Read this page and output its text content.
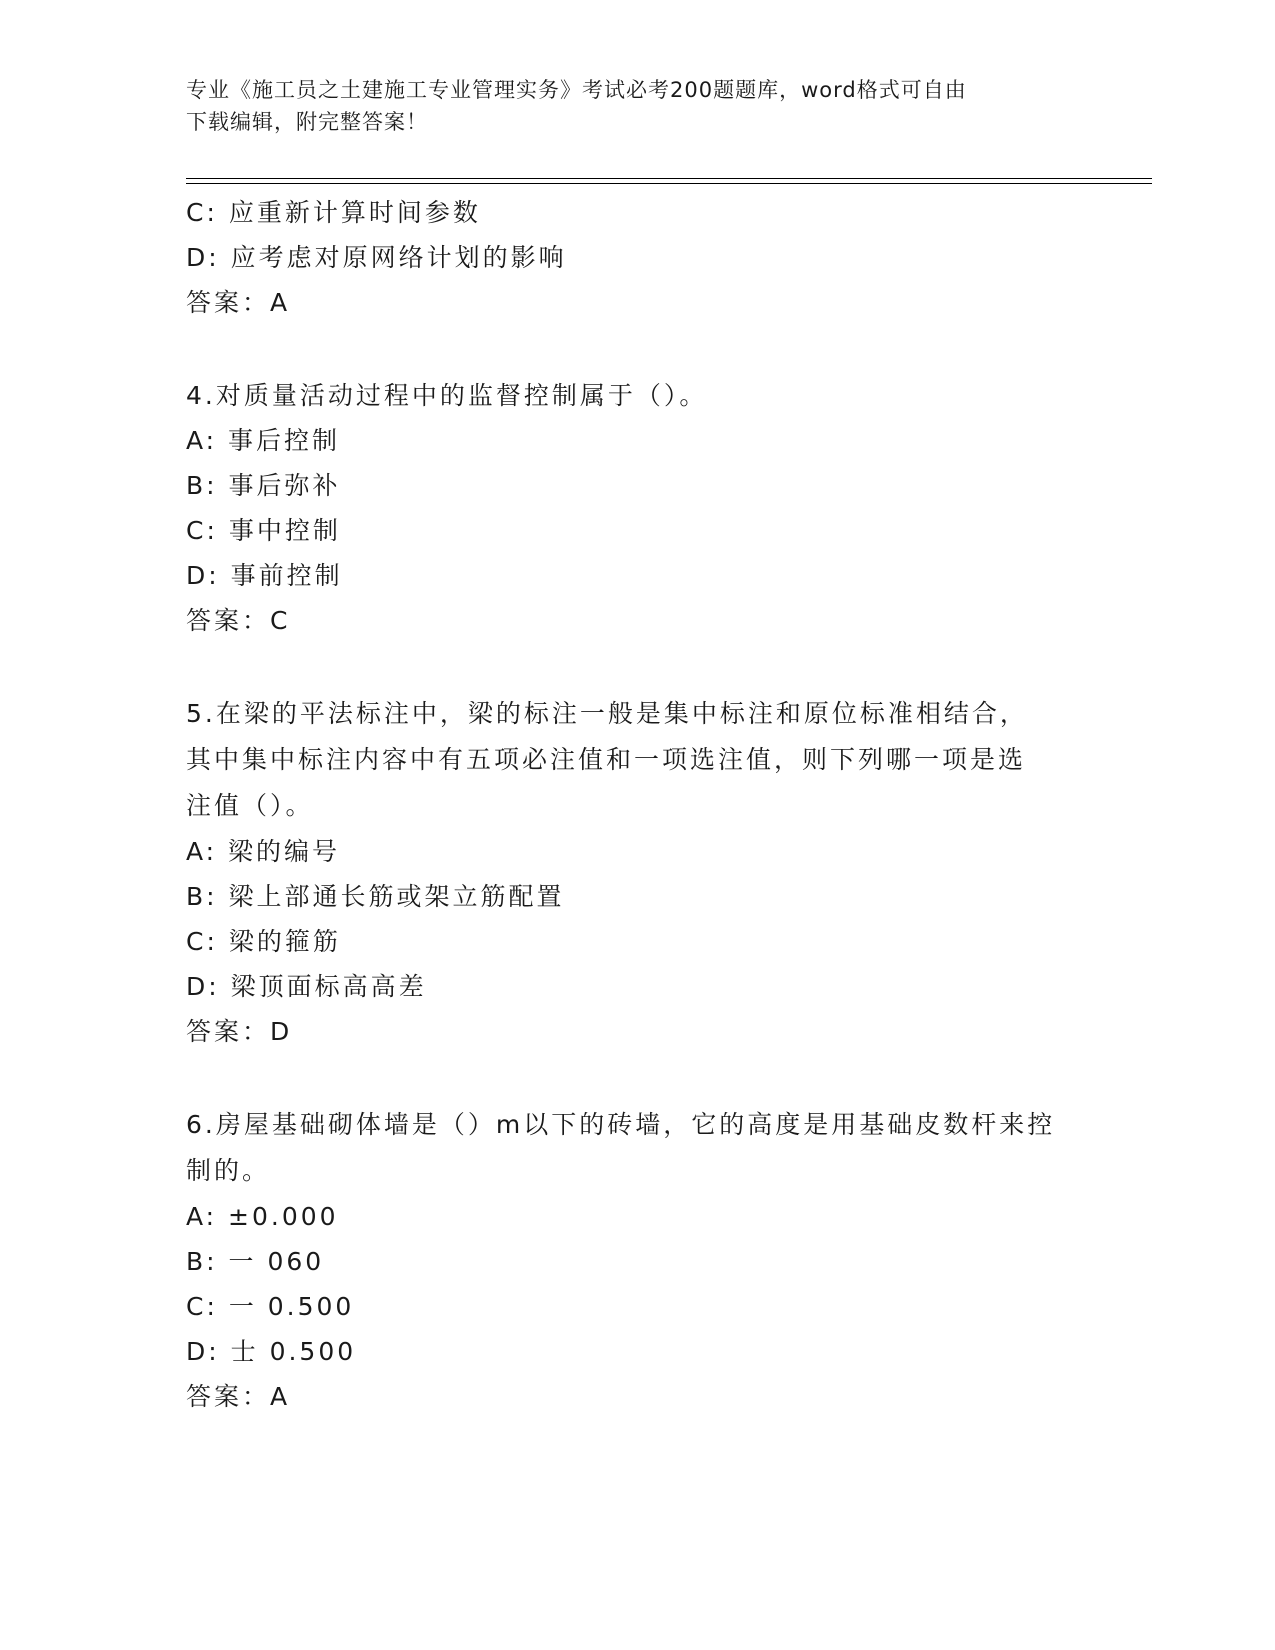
专业《施工员之土建施工专业管理实务》考试必考200题题库，word格式可自由
下载编辑，附完整答案！
C: 应重新计算时间参数
D: 应考虑对原网络计划的影响
答案：A
4.对质量活动过程中的监督控制属于（）。
A: 事后控制
B: 事后弥补
C: 事中控制
D: 事前控制
答案：C
5.在梁的平法标注中，梁的标注一般是集中标注和原位标准相结合，
其中集中标注内容中有五项必注值和一项选注值，则下列哪一项是选
注值（）。
A: 梁的编号
B: 梁上部通长筋或架立筋配置
C: 梁的箍筋
D: 梁顶面标高高差
答案：D
6.房屋基础砌体墙是（）m以下的砖墙，它的高度是用基础皮数杆来控
制的。
A: ±0.000
B: 一 060
C: 一 0.500
D: 士 0.500
答案：A
